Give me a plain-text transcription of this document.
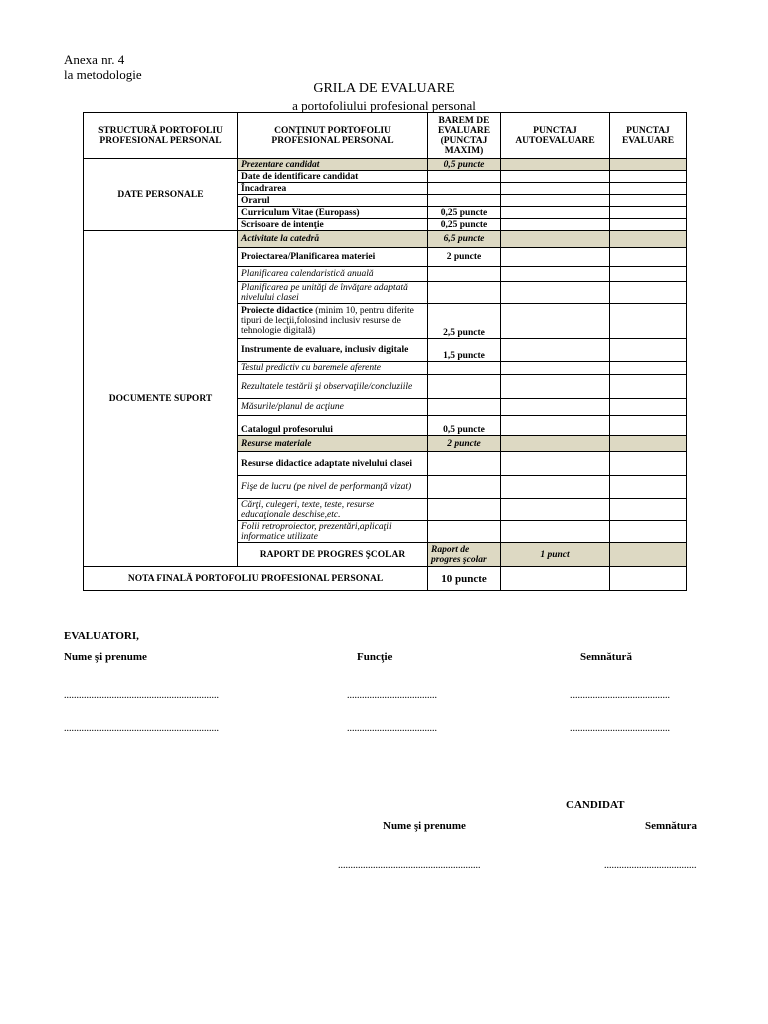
Anexa nr. 4
la metodologie
GRILA DE EVALUARE
a portofoliului profesional personal
STRUCTURĂ PORTOFOLIU PROFESIONAL PERSONAL	CONŢINUT PORTOFOLIU PROFESIONAL PERSONAL	BAREM DE EVALUARE (PUNCTAJ MAXIM)	PUNCTAJ AUTOEVALUARE	PUNCTAJ EVALUARE	
DATE PERSONALE	Prezentare candidat	0,5 puncte			
	Date de identificare candidat				
	Încadrarea				
	Orarul				
	Curriculum Vitae (Europass)	0,25 puncte			
	Scrisoare de intenţie	0,25 puncte			
DOCUMENTE SUPORT	Activitate la catedră	6,5 puncte			
	Proiectarea/Planificarea materiei	2 puncte			
	Planificarea calendaristică anuală				
	Planificarea pe unităţi de învăţare adaptată nivelului clasei				
	Proiecte didactice (minim 10, pentru diferite tipuri de lecţii,folosind inclusiv resurse de tehnologie digitală)	2,5 puncte			
	Instrumente de evaluare, inclusiv digitale	1,5 puncte			
	Testul predictiv cu baremele aferente				
	Rezultatele testării şi observaţiile/concluziile				
	Măsurile/planul de acţiune				
	Catalogul profesorului	0,5 puncte			
	Resurse materiale	2 puncte			
	Resurse didactice adaptate nivelului clasei				
	Fişe de lucru (pe nivel de performanţă vizat)				
	Cărţi, culegeri, texte, teste, resurse educaţionale deschise,etc.				
	Folii retroproiector, prezentări,aplicaţii informatice utilizate				
	RAPORT DE PROGRES ŞCOLAR	Raport de progres şcolar	1 punct		
NOTA FINALĂ PORTOFOLIU PROFESIONAL PERSONAL		10 puncte			
EVALUATORI,
Nume şi prenume	Funcţie	Semnătură
..............................................................	....................................	........................................
..............................................................	....................................	........................................
CANDIDAT
Nume şi prenume	Semnătura
.........................................................	.....................................
